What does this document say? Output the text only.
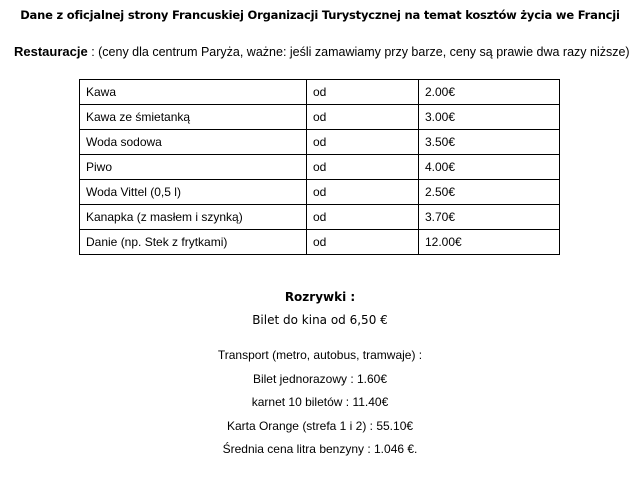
Dane z oficjalnej strony Francuskiej Organizacji Turystycznej na temat kosztów życia we Francji
Restauracje : (ceny dla centrum Paryża, ważne: jeśli zamawiamy przy barze, ceny są prawie dwa razy niższe)
Kawa	od	2.00€
Kawa ze śmietanką	od	3.00€
Woda sodowa	od	3.50€
Piwo	od	4.00€
Woda Vittel (0,5 l)	od	2.50€
Kanapka (z masłem i szynką)	od	3.70€
Danie (np. Stek z frytkami)	od	12.00€
Rozrywki :
Bilet do kina od 6,50 €
Transport (metro, autobus, tramwaje) :
Bilet jednorazowy : 1.60€
karnet 10 biletów : 11.40€
Karta Orange (strefa 1 i 2) : 55.10€
Średnia cena litra benzyny : 1.046 €.
